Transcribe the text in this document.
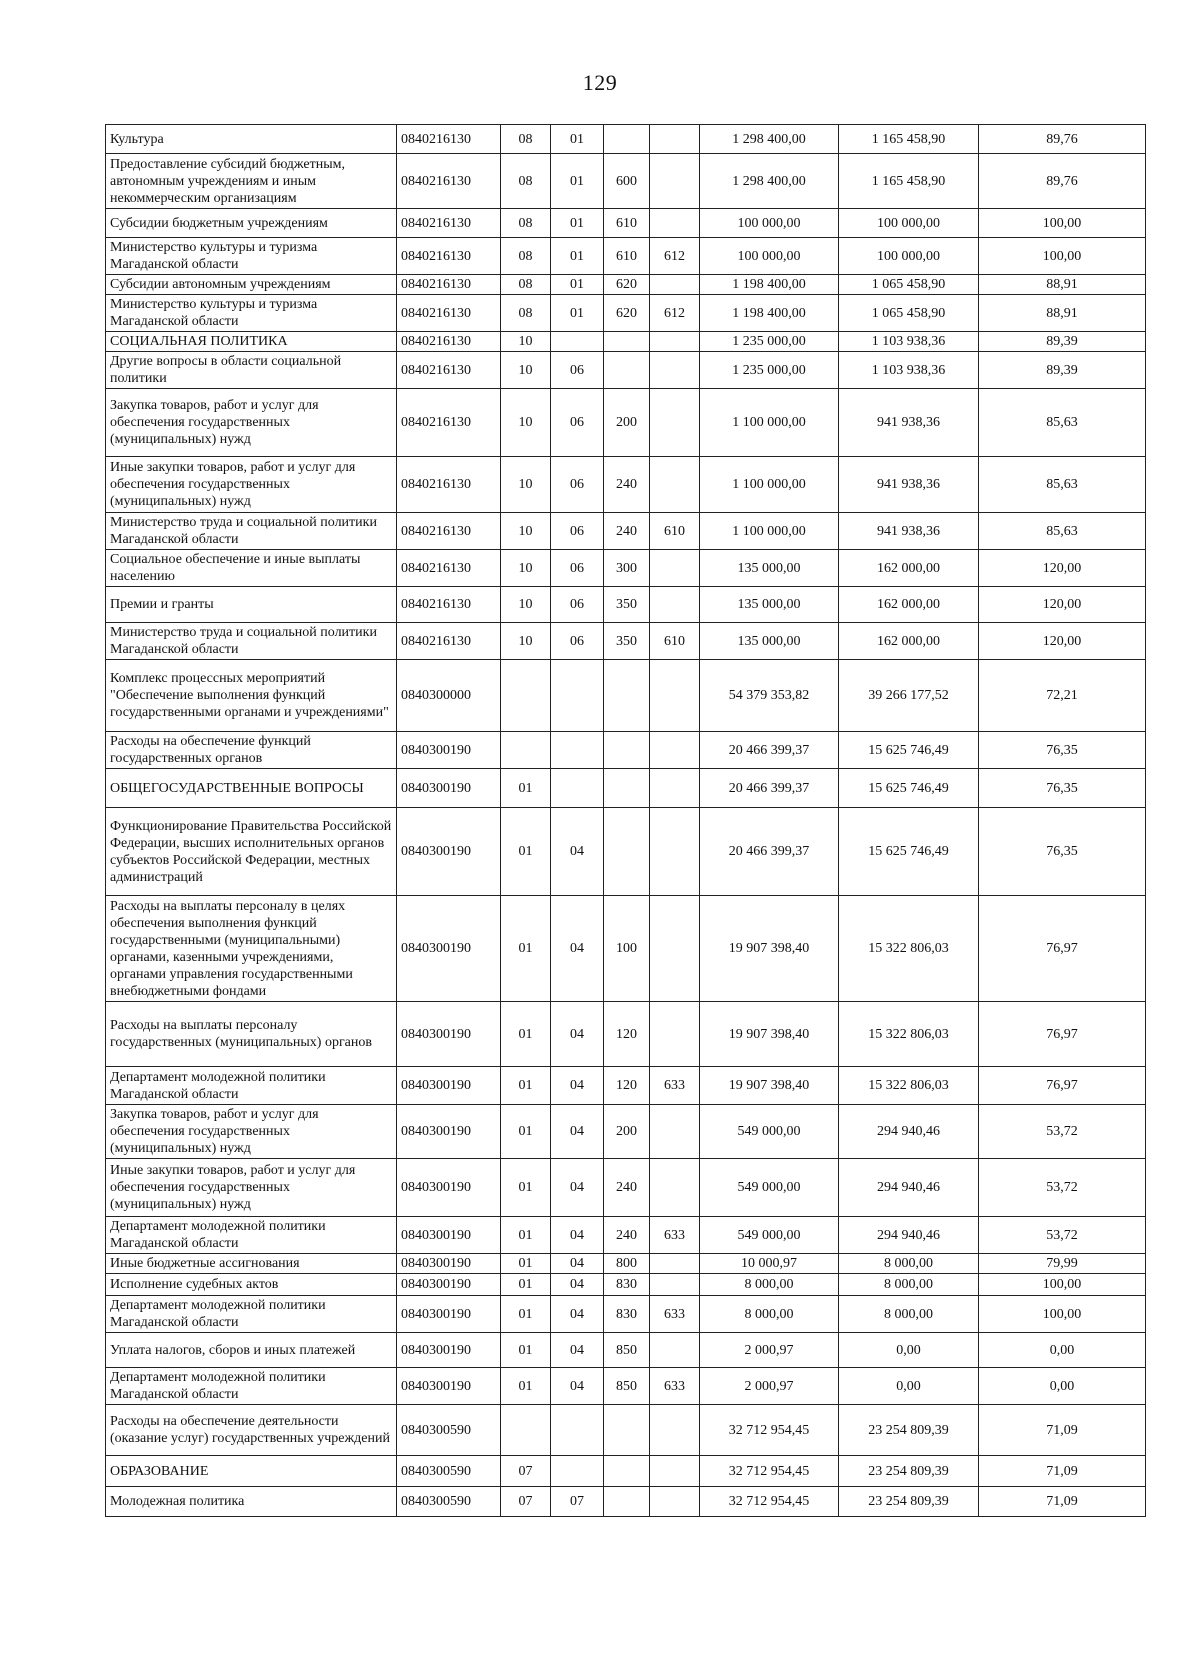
129
Культура	0840216130	08	01			1 298 400,00	1 165 458,90	89,76
Предоставление субсидий бюджетным, автономным учреждениям и иным некоммерческим организациям	0840216130	08	01	600		1 298 400,00	1 165 458,90	89,76
Субсидии бюджетным учреждениям	0840216130	08	01	610		100 000,00	100 000,00	100,00
Министерство культуры и туризма Магаданской области	0840216130	08	01	610	612	100 000,00	100 000,00	100,00
Субсидии автономным учреждениям	0840216130	08	01	620		1 198 400,00	1 065 458,90	88,91
Министерство культуры и туризма Магаданской области	0840216130	08	01	620	612	1 198 400,00	1 065 458,90	88,91
СОЦИАЛЬНАЯ ПОЛИТИКА	0840216130	10				1 235 000,00	1 103 938,36	89,39
Другие вопросы в области социальной политики	0840216130	10	06			1 235 000,00	1 103 938,36	89,39
Закупка товаров, работ и услуг для обеспечения государственных (муниципальных) нужд	0840216130	10	06	200		1 100 000,00	941 938,36	85,63
Иные закупки товаров, работ и услуг для обеспечения государственных (муниципальных) нужд	0840216130	10	06	240		1 100 000,00	941 938,36	85,63
Министерство труда и социальной политики Магаданской области	0840216130	10	06	240	610	1 100 000,00	941 938,36	85,63
Социальное обеспечение и иные выплаты населению	0840216130	10	06	300		135 000,00	162 000,00	120,00
Премии и гранты	0840216130	10	06	350		135 000,00	162 000,00	120,00
Министерство труда и социальной политики Магаданской области	0840216130	10	06	350	610	135 000,00	162 000,00	120,00
Комплекс процессных мероприятий "Обеспечение выполнения функций государственными органами и учреждениями"	0840300000					54 379 353,82	39 266 177,52	72,21
Расходы на обеспечение функций государственных органов	0840300190					20 466 399,37	15 625 746,49	76,35
ОБЩЕГОСУДАРСТВЕННЫЕ ВОПРОСЫ	0840300190	01				20 466 399,37	15 625 746,49	76,35
Функционирование Правительства Российской Федерации, высших исполнительных органов субъектов Российской Федерации, местных администраций	0840300190	01	04			20 466 399,37	15 625 746,49	76,35
Расходы на выплаты персоналу в целях обеспечения выполнения функций государственными (муниципальными) органами, казенными учреждениями, органами управления государственными внебюджетными фондами	0840300190	01	04	100		19 907 398,40	15 322 806,03	76,97
Расходы на выплаты персоналу государственных (муниципальных) органов	0840300190	01	04	120		19 907 398,40	15 322 806,03	76,97
Департамент молодежной политики Магаданской области	0840300190	01	04	120	633	19 907 398,40	15 322 806,03	76,97
Закупка товаров, работ и услуг для обеспечения государственных (муниципальных) нужд	0840300190	01	04	200		549 000,00	294 940,46	53,72
Иные закупки товаров, работ и услуг для обеспечения государственных (муниципальных) нужд	0840300190	01	04	240		549 000,00	294 940,46	53,72
Департамент молодежной политики Магаданской области	0840300190	01	04	240	633	549 000,00	294 940,46	53,72
Иные бюджетные ассигнования	0840300190	01	04	800		10 000,97	8 000,00	79,99
Исполнение судебных актов	0840300190	01	04	830		8 000,00	8 000,00	100,00
Департамент молодежной политики Магаданской области	0840300190	01	04	830	633	8 000,00	8 000,00	100,00
Уплата налогов, сборов и иных платежей	0840300190	01	04	850		2 000,97	0,00	0,00
Департамент молодежной политики Магаданской области	0840300190	01	04	850	633	2 000,97	0,00	0,00
Расходы на обеспечение деятельности (оказание услуг) государственных учреждений	0840300590					32 712 954,45	23 254 809,39	71,09
ОБРАЗОВАНИЕ	0840300590	07				32 712 954,45	23 254 809,39	71,09
Молодежная политика	0840300590	07	07			32 712 954,45	23 254 809,39	71,09
